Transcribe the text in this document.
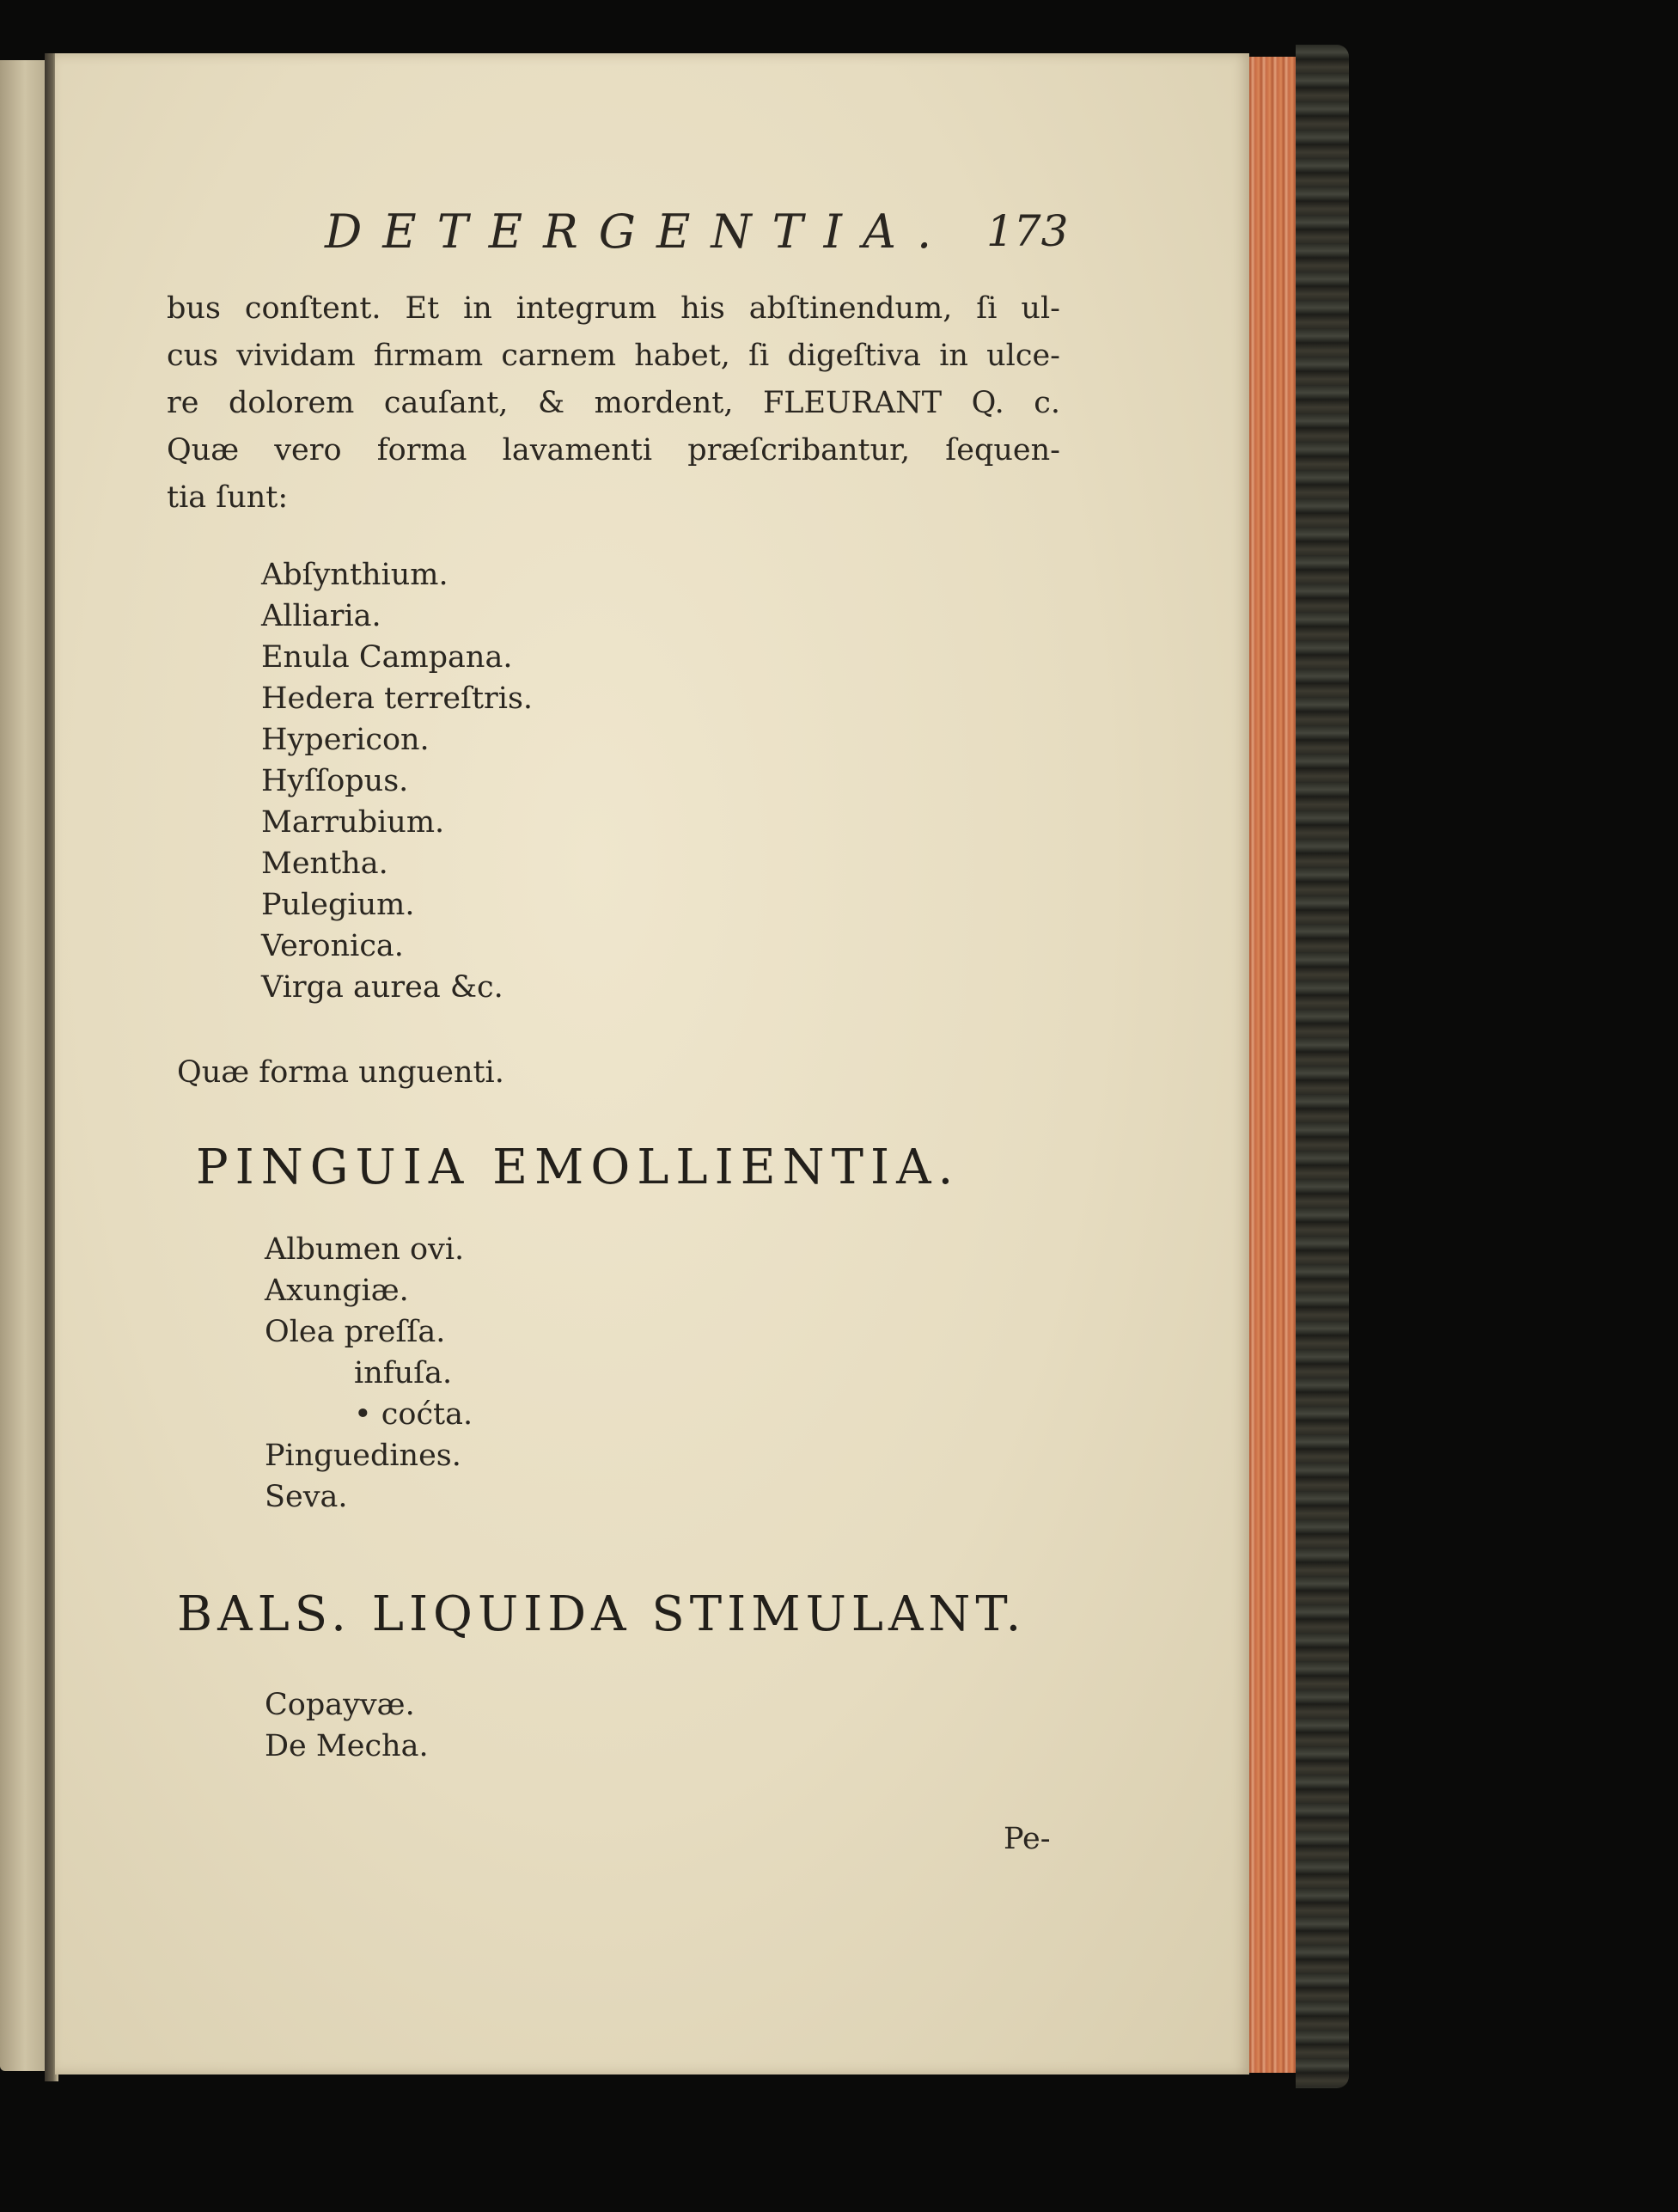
DETERGENTIA. 173
bus conſtent. Et in integrum his abſtinendum, ſi ul-
cus vividam firmam carnem habet, ſi digeſtiva in ulce-
re dolorem cauſant, & mordent, FLEURANT Q. c.
Quæ vero forma lavamenti præſcribantur, ſequen-
tia ſunt:
Abſynthium.
Alliaria.
Enula Campana.
Hedera terreſtris.
Hypericon.
Hyſſopus.
Marrubium.
Mentha.
Pulegium.
Veronica.
Virga aurea &c.
Quæ forma unguenti.
PINGUIA EMOLLIENTIA.
Albumen ovi.
Axungiæ.
Olea preſſa.
infuſa.
• coćta.
Pinguedines.
Seva.
BALS. LIQUIDA STIMULANT.
Copayvæ.
De Mecha.
Pe-
